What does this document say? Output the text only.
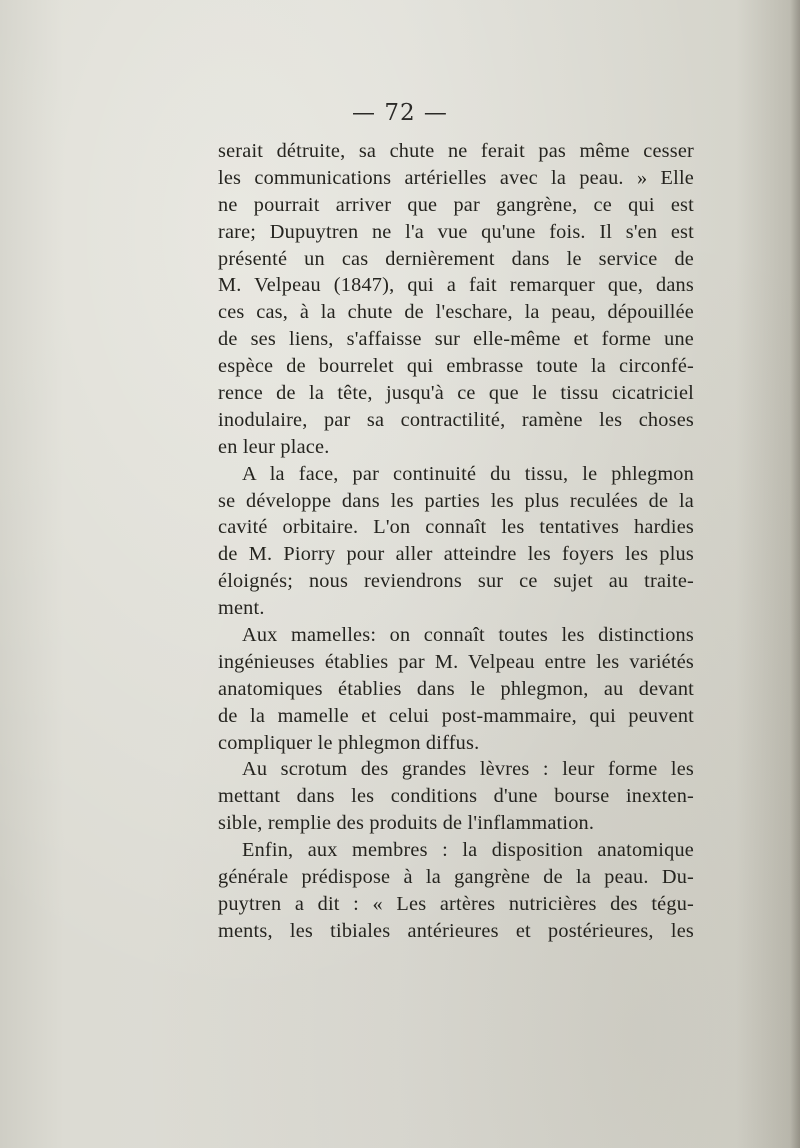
— 72 —
serait détruite, sa chute ne ferait pas même cesser
les communications artérielles avec la peau. » Elle
ne pourrait arriver que par gangrène, ce qui est
rare; Dupuytren ne l'a vue qu'une fois. Il s'en est
présenté un cas dernièrement dans le service de
M. Velpeau (1847), qui a fait remarquer que, dans
ces cas, à la chute de l'eschare, la peau, dépouillée
de ses liens, s'affaisse sur elle-même et forme une
espèce de bourrelet qui embrasse toute la circonfé-
rence de la tête, jusqu'à ce que le tissu cicatriciel
inodulaire, par sa contractilité, ramène les choses
en leur place.
A la face, par continuité du tissu, le phlegmon
se développe dans les parties les plus reculées de la
cavité orbitaire. L'on connaît les tentatives hardies
de M. Piorry pour aller atteindre les foyers les plus
éloignés; nous reviendrons sur ce sujet au traite-
ment.
Aux mamelles: on connaît toutes les distinctions
ingénieuses établies par M. Velpeau entre les variétés
anatomiques établies dans le phlegmon, au devant
de la mamelle et celui post-mammaire, qui peuvent
compliquer le phlegmon diffus.
Au scrotum des grandes lèvres : leur forme les
mettant dans les conditions d'une bourse inexten-
sible, remplie des produits de l'inflammation.
Enfin, aux membres : la disposition anatomique
générale prédispose à la gangrène de la peau. Du-
puytren a dit : « Les artères nutricières des tégu-
ments, les tibiales antérieures et postérieures, les
